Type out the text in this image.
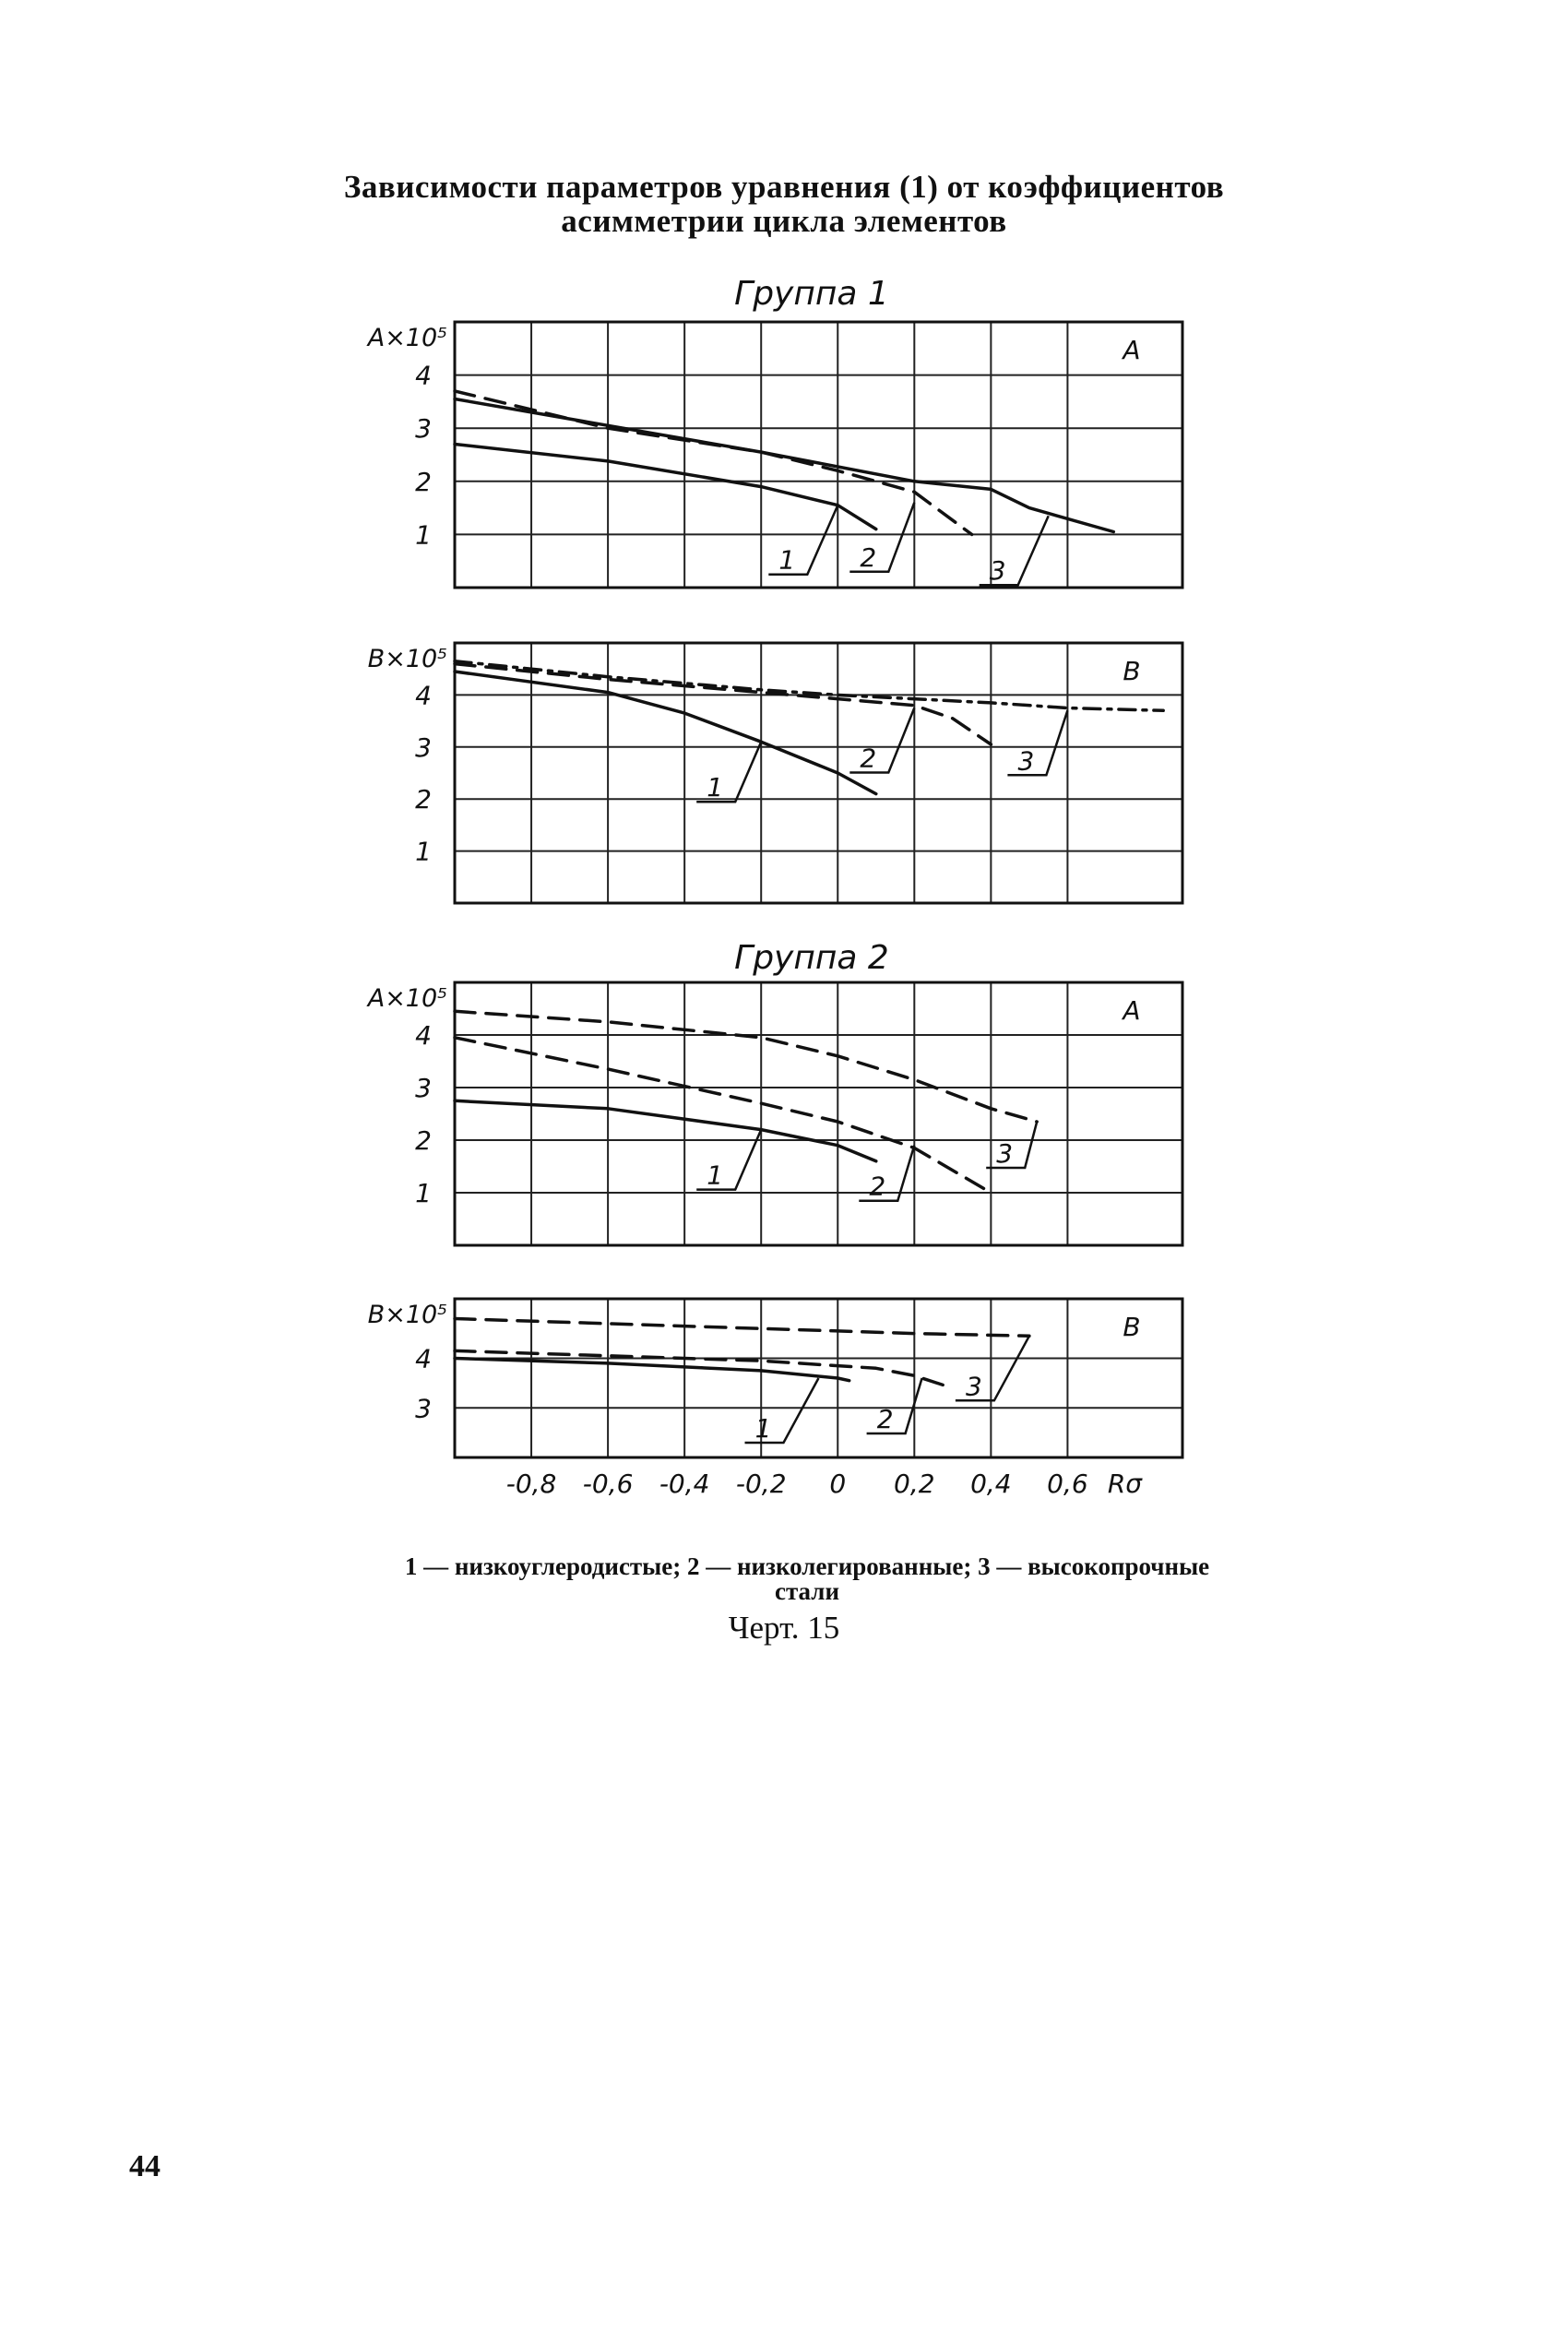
Зависимости параметров уравнения (1) от коэффициентов
асимметрии цикла элементов
Группа 1
A×10⁵
1
2
3
4
A
1	2	3
B×10⁵
1
2
3
4
B
1
2	3
Группа 2
A×10⁵
1
2
3
4
A
1	2
3
B×10⁵
3
4
B
1	2
3
-0,8 -0,6 -0,4 -0,2 0 0,2 0,4 0,6 Rσ
1 — низкоуглеродистые; 2 — низколегированные; 3 — высокопрочные
стали
Черт. 15
44
